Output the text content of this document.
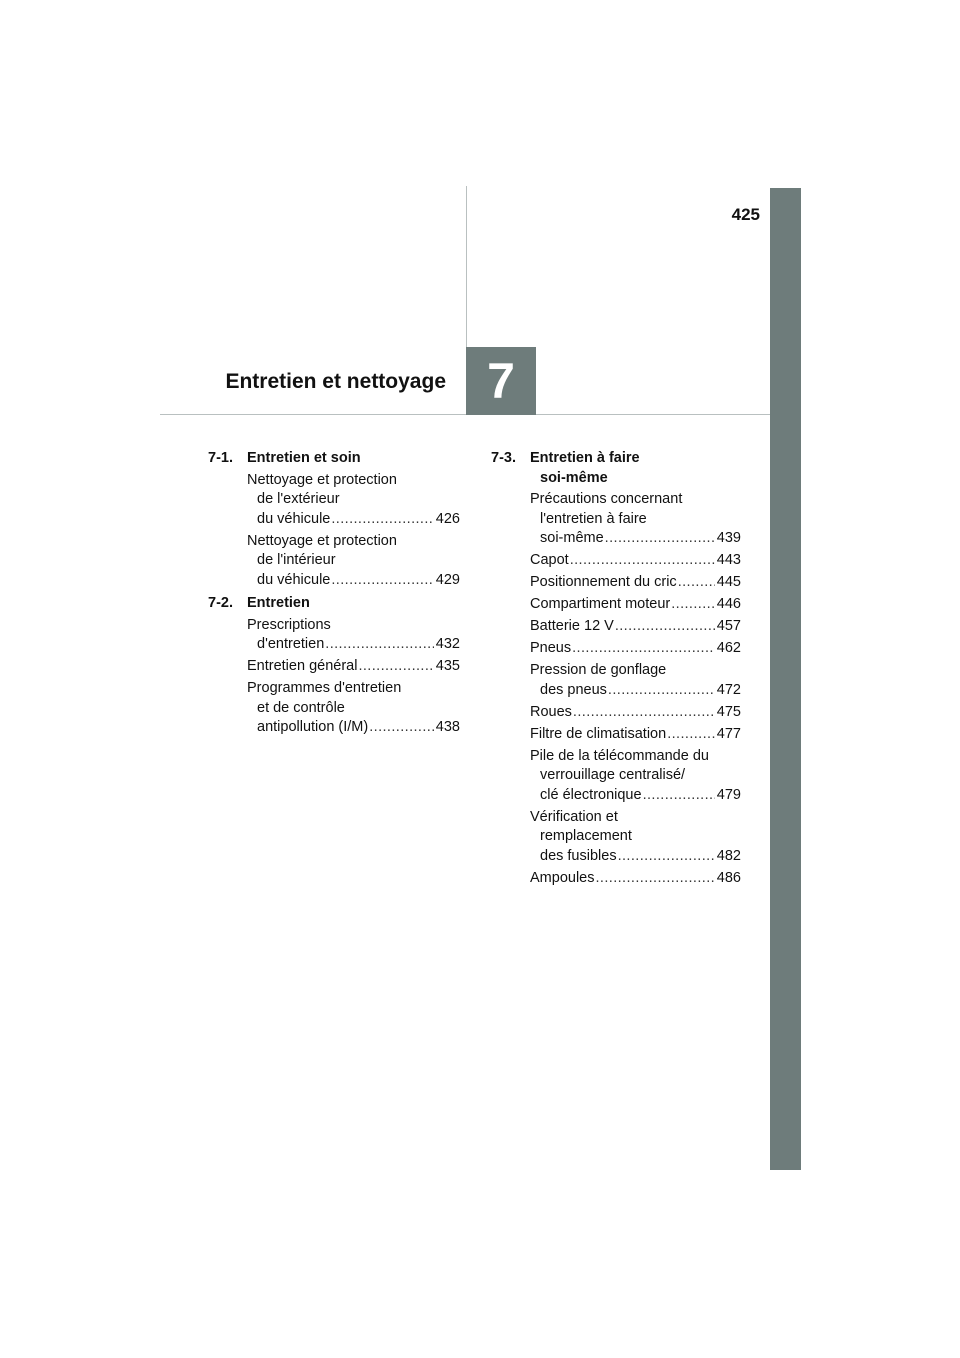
425
7
Entretien et nettoyage
7-1. Entretien et soin
Nettoyage et protection
de l'extérieur
du véhicule .....	426
Nettoyage et protection
de l'intérieur
du véhicule .....	429
7-2. Entretien
Prescriptions
d'entretien .....	432
Entretien général .....	435
Programmes d'entretien
et de contrôle
antipollution (I/M) .....	438
7-3. Entretien à faire
soi-même
Précautions concernant
l'entretien à faire
soi-même .....	439
Capot .....	443
Positionnement du cric .....	445
Compartiment moteur .....	446
Batterie 12 V .....	457
Pneus .....	462
Pression de gonflage
des pneus .....	472
Roues .....	475
Filtre de climatisation .....	477
Pile de la télécommande du
verrouillage centralisé/
clé électronique .....	479
Vérification et
remplacement
des fusibles .....	482
Ampoules .....	486
